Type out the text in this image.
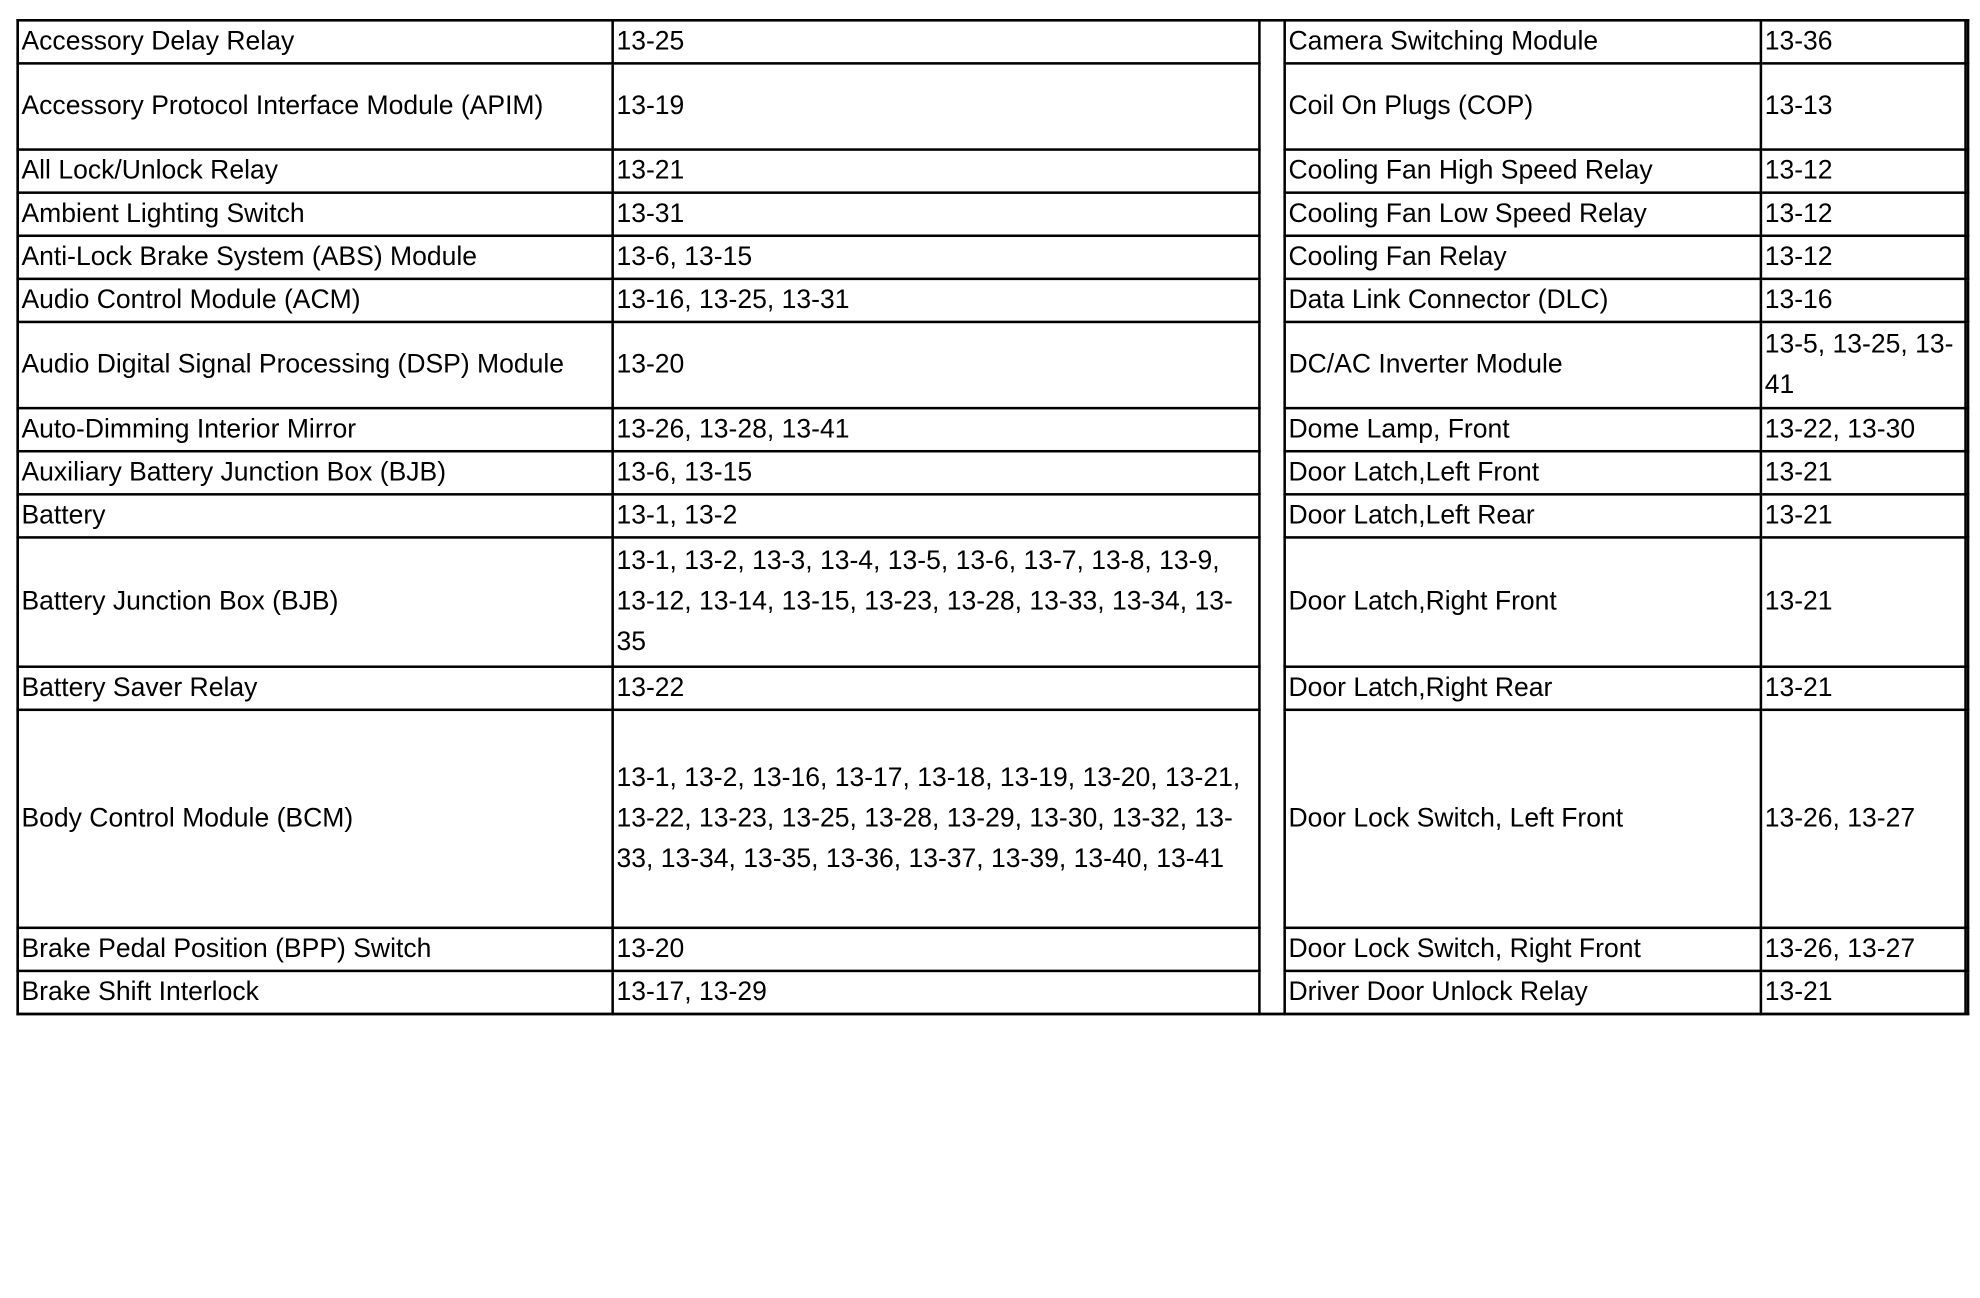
Accessory Delay Relay	13-25
Accessory Protocol Interface Module (APIM)	13-19
All Lock/Unlock Relay	13-21
Ambient Lighting Switch	13-31
Anti-Lock Brake System (ABS) Module	13-6, 13-15
Audio Control Module (ACM)	13-16, 13-25, 13-31
Audio Digital Signal Processing (DSP) Module	13-20
Auto-Dimming Interior Mirror	13-26, 13-28, 13-41
Auxiliary Battery Junction Box (BJB)	13-6, 13-15
Battery	13-1, 13-2
Battery Junction Box (BJB)	13-1, 13-2, 13-3, 13-4, 13-5, 13-6, 13-7, 13-8, 13-9, 13-12, 13-14, 13-15, 13-23, 13-28, 13-33, 13-34, 13-35
Battery Saver Relay	13-22
Body Control Module (BCM)	13-1, 13-2, 13-16, 13-17, 13-18, 13-19, 13-20, 13-21, 13-22, 13-23, 13-25, 13-28, 13-29, 13-30, 13-32, 13-33, 13-34, 13-35, 13-36, 13-37, 13-39, 13-40, 13-41
Brake Pedal Position (BPP) Switch	13-20
Brake Shift Interlock	13-17, 13-29
Camera Switching Module	13-36
Coil On Plugs (COP)	13-13
Cooling Fan High Speed Relay	13-12
Cooling Fan Low Speed Relay	13-12
Cooling Fan Relay	13-12
Data Link Connector (DLC)	13-16
DC/AC Inverter Module	13-5, 13-25, 13-41
Dome Lamp, Front	13-22, 13-30
Door Latch,Left Front	13-21
Door Latch,Left Rear	13-21
Door Latch,Right Front	13-21
Door Latch,Right Rear	13-21
Door Lock Switch, Left Front	13-26, 13-27
Door Lock Switch, Right Front	13-26, 13-27
Driver Door Unlock Relay	13-21
